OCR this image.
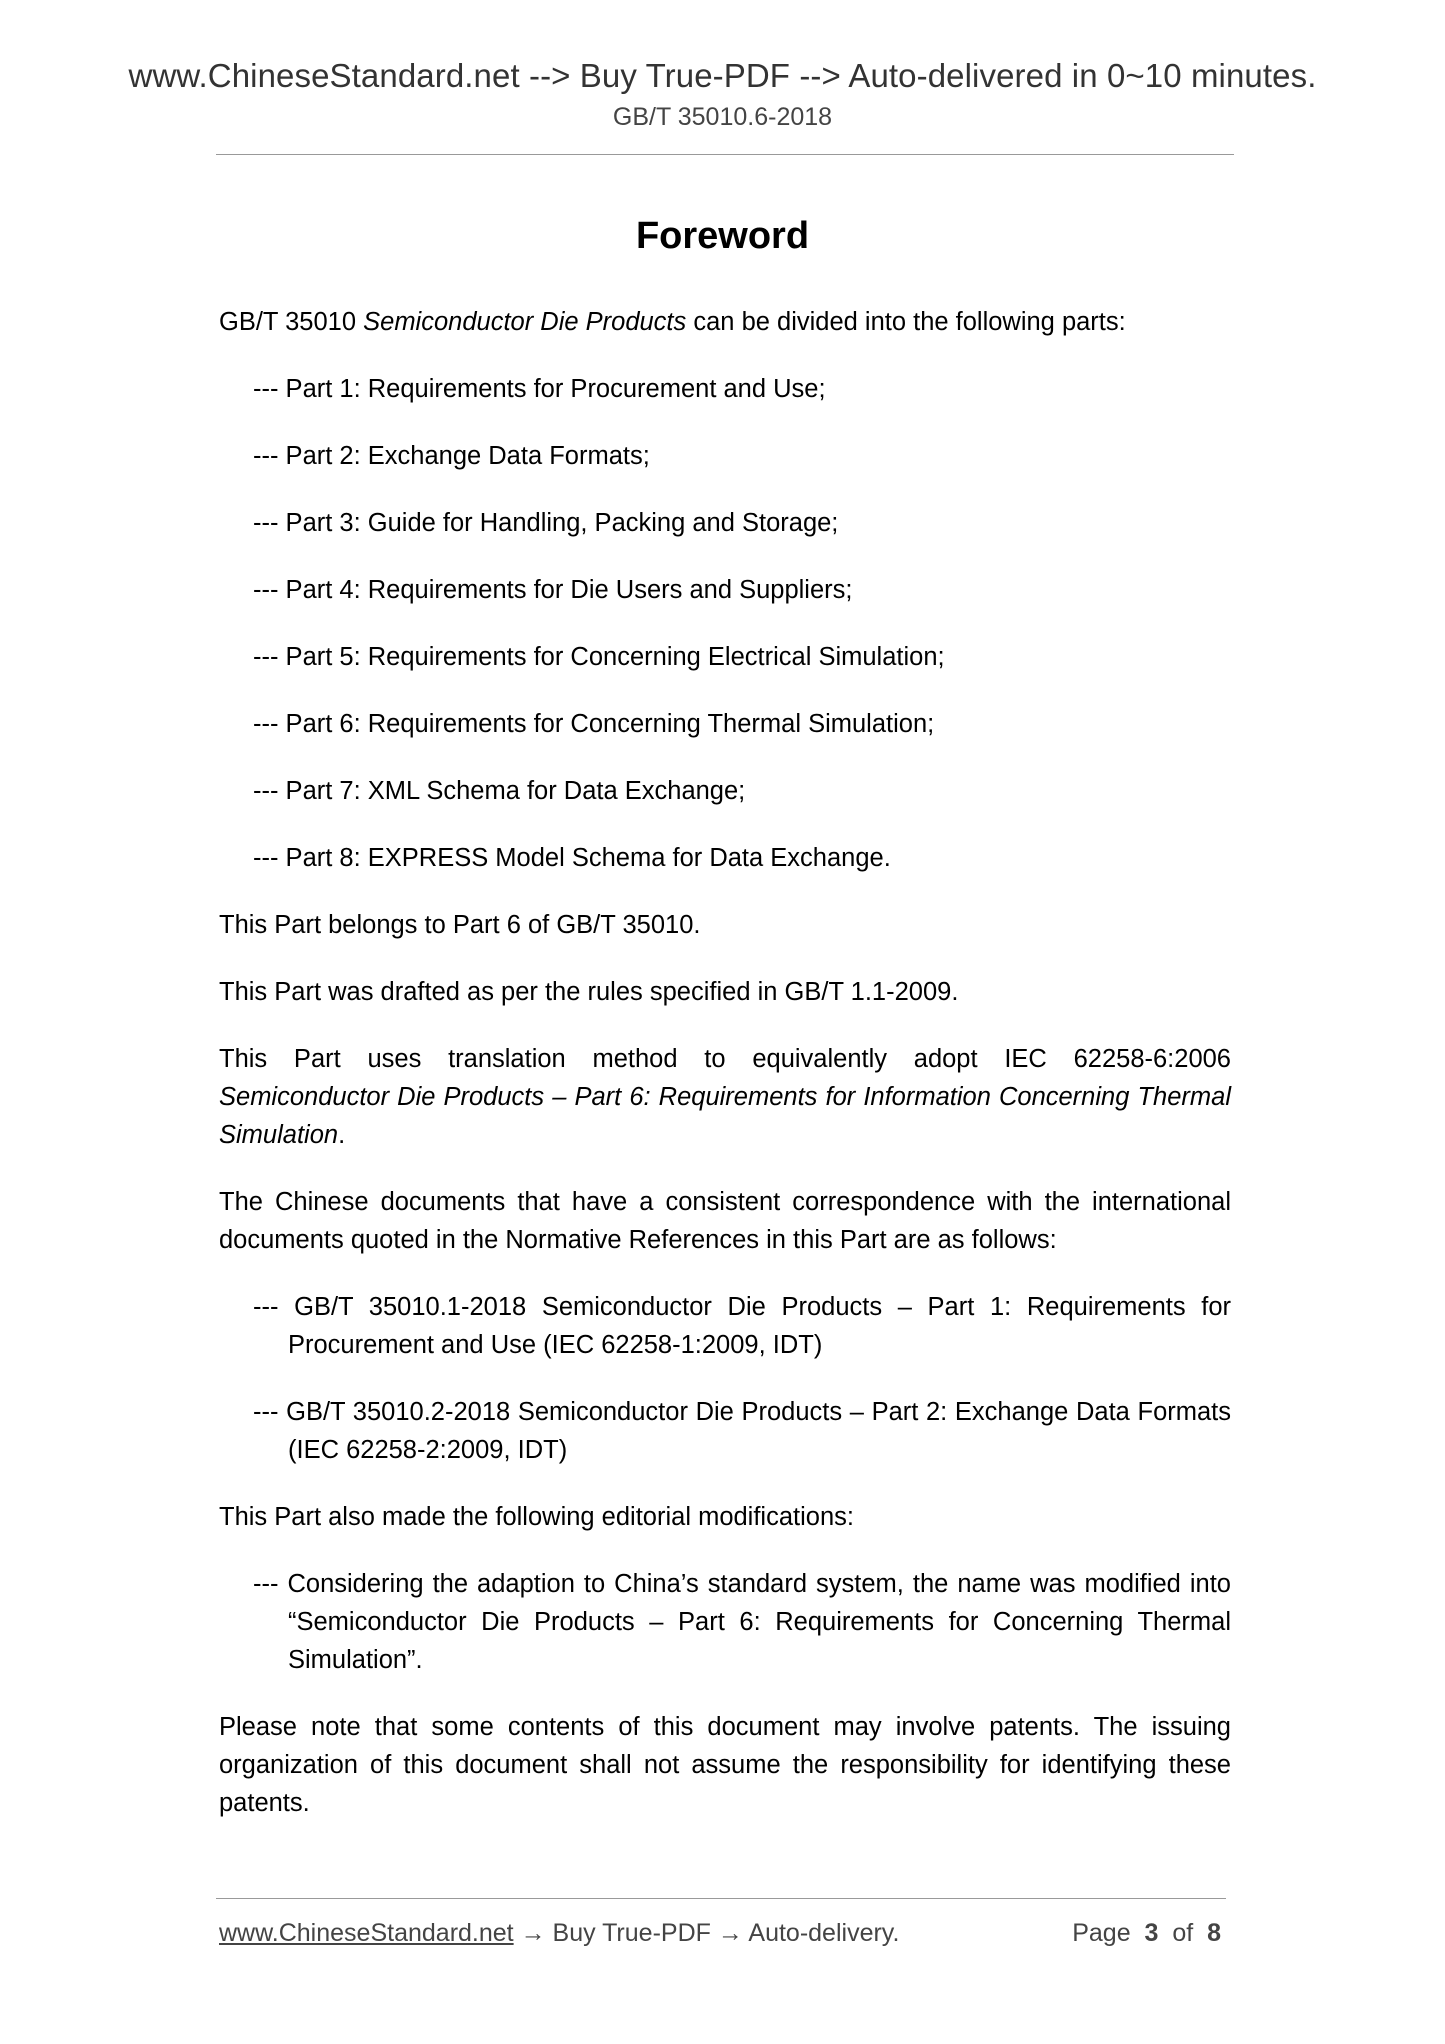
www.ChineseStandard.net --> Buy True-PDF --> Auto-delivered in 0~10 minutes.
GB/T 35010.6-2018
Foreword
GB/T 35010 Semiconductor Die Products can be divided into the following parts:
--- Part 1: Requirements for Procurement and Use;
--- Part 2: Exchange Data Formats;
--- Part 3: Guide for Handling, Packing and Storage;
--- Part 4: Requirements for Die Users and Suppliers;
--- Part 5: Requirements for Concerning Electrical Simulation;
--- Part 6: Requirements for Concerning Thermal Simulation;
--- Part 7: XML Schema for Data Exchange;
--- Part 8: EXPRESS Model Schema for Data Exchange.
This Part belongs to Part 6 of GB/T 35010.
This Part was drafted as per the rules specified in GB/T 1.1-2009.
This Part uses translation method to equivalently adopt IEC 62258-6:2006 Semiconductor Die Products – Part 6: Requirements for Information Concerning Thermal Simulation.
The Chinese documents that have a consistent correspondence with the international documents quoted in the Normative References in this Part are as follows:
--- GB/T 35010.1-2018 Semiconductor Die Products – Part 1: Requirements for Procurement and Use (IEC 62258-1:2009, IDT)
--- GB/T 35010.2-2018 Semiconductor Die Products – Part 2: Exchange Data Formats (IEC 62258-2:2009, IDT)
This Part also made the following editorial modifications:
--- Considering the adaption to China’s standard system, the name was modified into “Semiconductor Die Products – Part 6: Requirements for Concerning Thermal Simulation”.
Please note that some contents of this document may involve patents. The issuing organization of this document shall not assume the responsibility for identifying these patents.
www.ChineseStandard.net → Buy True-PDF → Auto-delivery.	Page 3 of 8
